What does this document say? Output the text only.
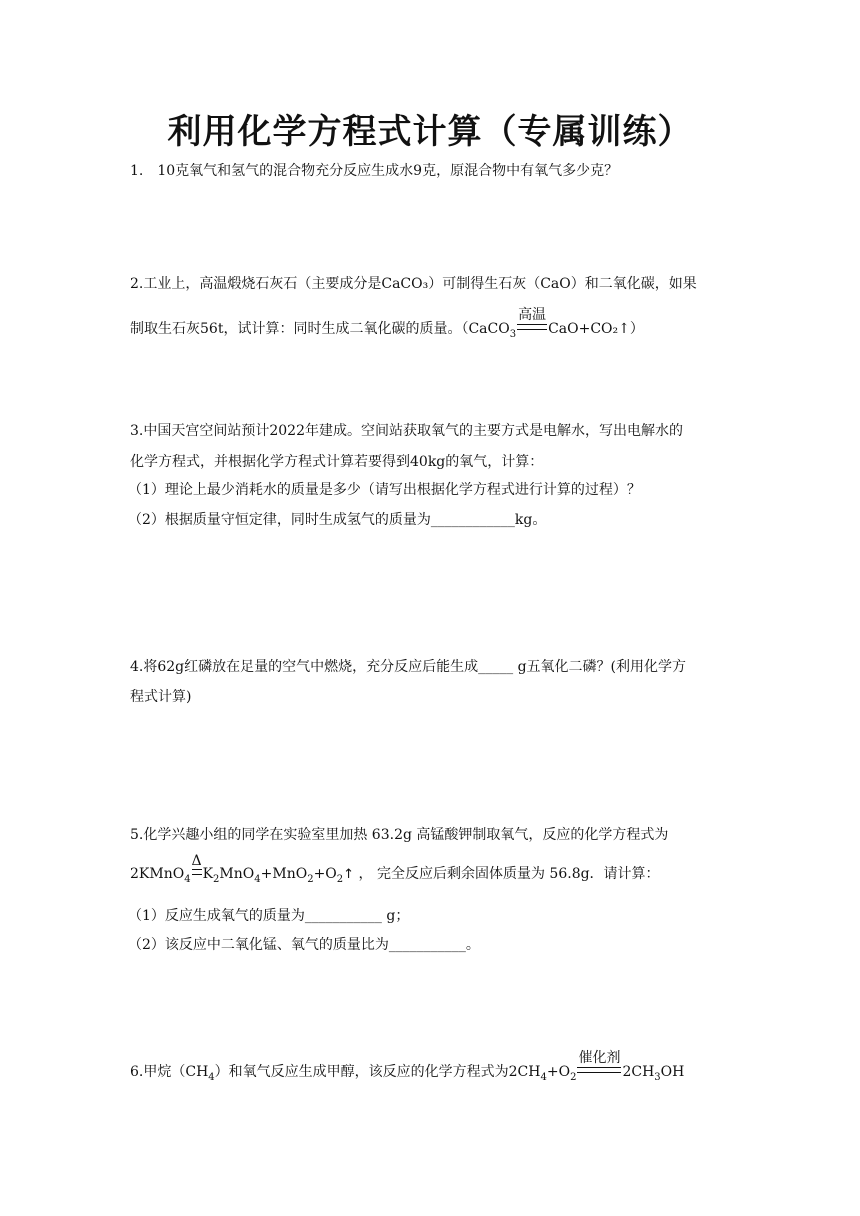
利用化学方程式计算（专属训练）
1.　10克氧气和氢气的混合物充分反应生成水9克，原混合物中有氧气多少克？
2.工业上，高温煅烧石灰石（主要成分是CaCO₃）可制得生石灰（CaO）和二氧化碳，如果
制取生石灰56t，试计算：同时生成二氧化碳的质量。（CaCO$_3$
高温
CaO+CO₂↑）
3.中国天宫空间站预计2022年建成。空间站获取氧气的主要方式是电解水，写出电解水的
化学方程式，并根据化学方程式计算若要得到40kg的氧气，计算：
（1）理论上最少消耗水的质量是多少（请写出根据化学方程式进行计算的过程）？
（2）根据质量守恒定律，同时生成氢气的质量为____________kg。
4.将62g红磷放在足量的空气中燃烧，充分反应后能生成_____ g五氧化二磷？(利用化学方
程式计算)
5.化学兴趣小组的同学在实验室里加热 63.2g 高锰酸钾制取氧气，反应的化学方程式为
2KMnO$_4$
Δ
$K_2MnO_4+MnO_2+O_2↑$ ， 完全反应后剩余固体质量为 56.8g．请计算：
（1）反应生成氧气的质量为___________ g；
（2）该反应中二氧化锰、氧气的质量比为___________。
6.甲烷$(CH_4)$和氧气反应生成甲醇，该反应的化学方程式为$2CH_4+O_2$
催化剂
$2CH_3OH$
